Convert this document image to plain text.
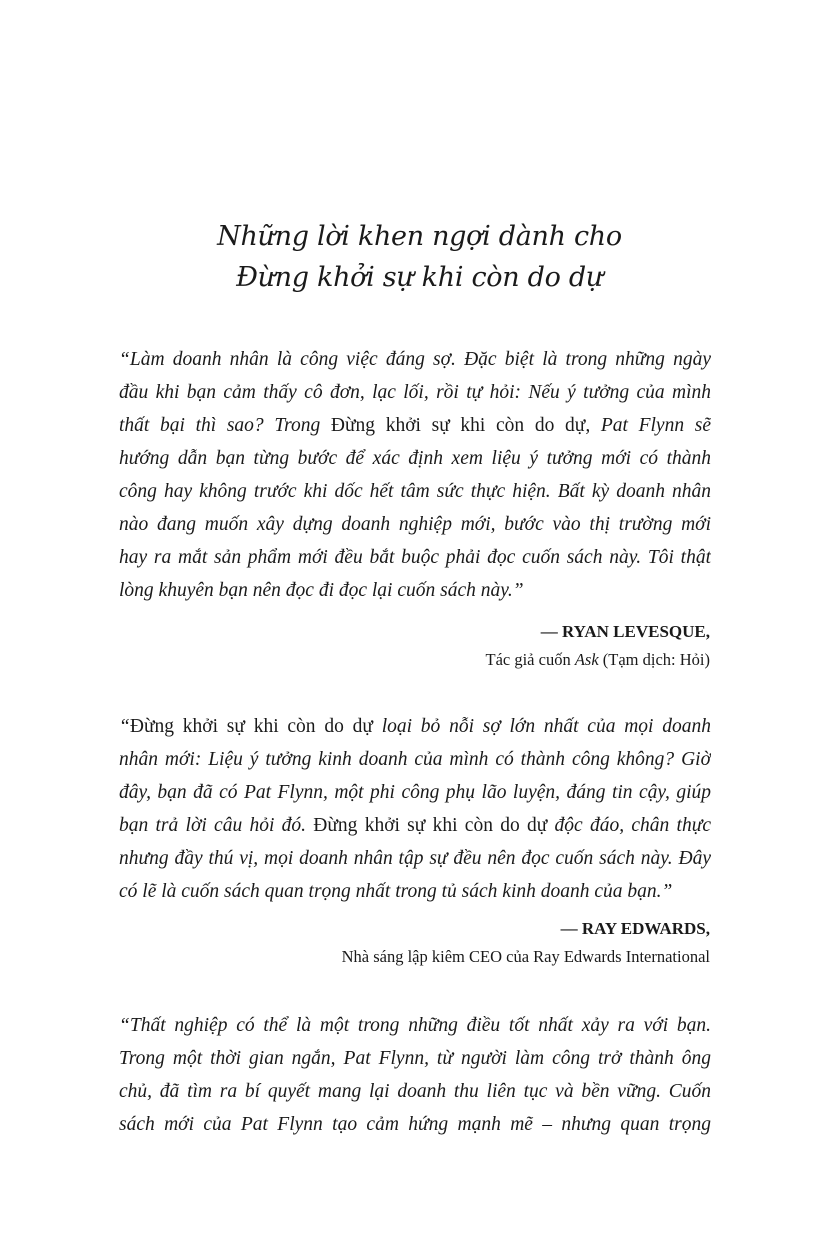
Những lời khen ngợi dành cho
Đừng khởi sự khi còn do dự
“Làm doanh nhân là công việc đáng sợ. Đặc biệt là trong những ngày
đầu khi bạn cảm thấy cô đơn, lạc lối, rồi tự hỏi: Nếu ý tưởng của mình
thất bại thì sao? Trong Đừng khởi sự khi còn do dự, Pat Flynn sẽ
hướng dẫn bạn từng bước để xác định xem liệu ý tưởng mới có thành
công hay không trước khi dốc hết tâm sức thực hiện. Bất kỳ doanh nhân
nào đang muốn xây dựng doanh nghiệp mới, bước vào thị trường mới
hay ra mắt sản phẩm mới đều bắt buộc phải đọc cuốn sách này. Tôi thật
lòng khuyên bạn nên đọc đi đọc lại cuốn sách này.”
— RYAN LEVESQUE,
Tác giả cuốn Ask (Tạm dịch: Hỏi)
“Đừng khởi sự khi còn do dự loại bỏ nỗi sợ lớn nhất của mọi doanh
nhân mới: Liệu ý tưởng kinh doanh của mình có thành công không? Giờ
đây, bạn đã có Pat Flynn, một phi công phụ lão luyện, đáng tin cậy, giúp
bạn trả lời câu hỏi đó. Đừng khởi sự khi còn do dự độc đáo, chân thực
nhưng đầy thú vị, mọi doanh nhân tập sự đều nên đọc cuốn sách này. Đây
có lẽ là cuốn sách quan trọng nhất trong tủ sách kinh doanh của bạn.”
— RAY EDWARDS,
Nhà sáng lập kiêm CEO của Ray Edwards International
“Thất nghiệp có thể là một trong những điều tốt nhất xảy ra với bạn.
Trong một thời gian ngắn, Pat Flynn, từ người làm công trở thành ông
chủ, đã tìm ra bí quyết mang lại doanh thu liên tục và bền vững. Cuốn
sách mới của Pat Flynn tạo cảm hứng mạnh mẽ – nhưng quan trọng
